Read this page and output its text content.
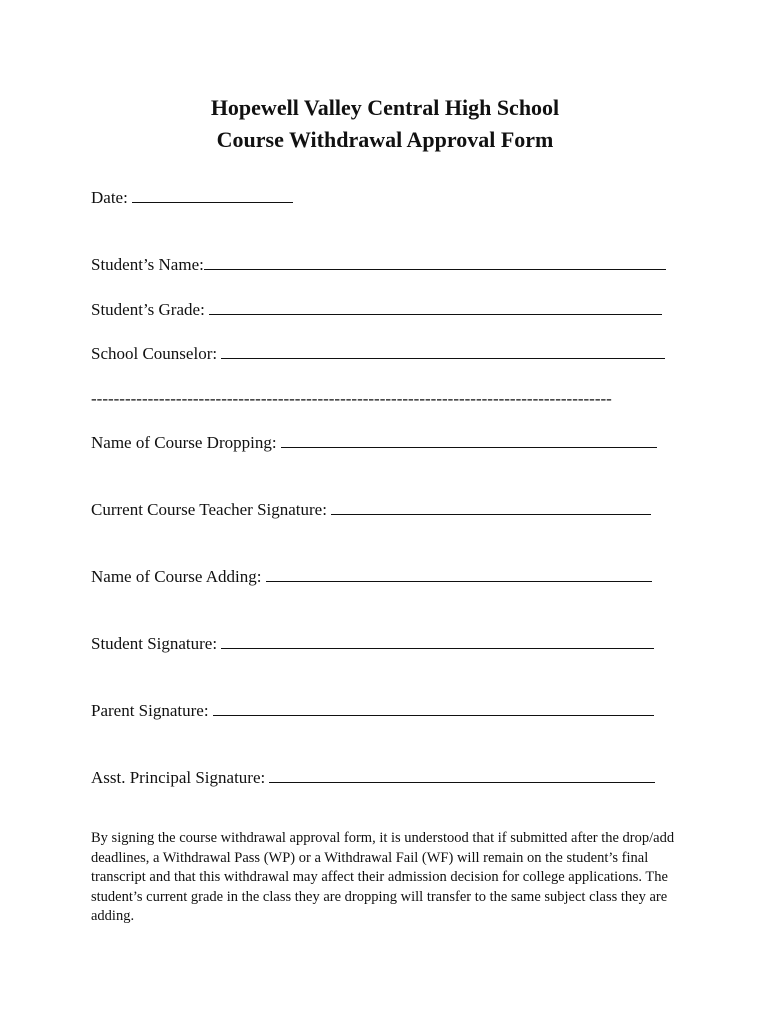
Hopewell Valley Central High School
Course Withdrawal Approval Form
Date:
Student’s Name:
Student’s Grade:
School Counselor:
--------------------------------------------------------------------------------------------
Name of Course Dropping:
Current Course Teacher Signature:
Name of Course Adding:
Student Signature:
Parent Signature:
Asst. Principal Signature:

By signing the course withdrawal approval form, it is understood that if submitted after the drop/add deadlines, a Withdrawal Pass (WP) or a Withdrawal Fail (WF) will remain on the student’s final transcript and that this withdrawal may affect their admission decision for college applications. The student’s current grade in the class they are dropping will transfer to the same subject class they are adding.
